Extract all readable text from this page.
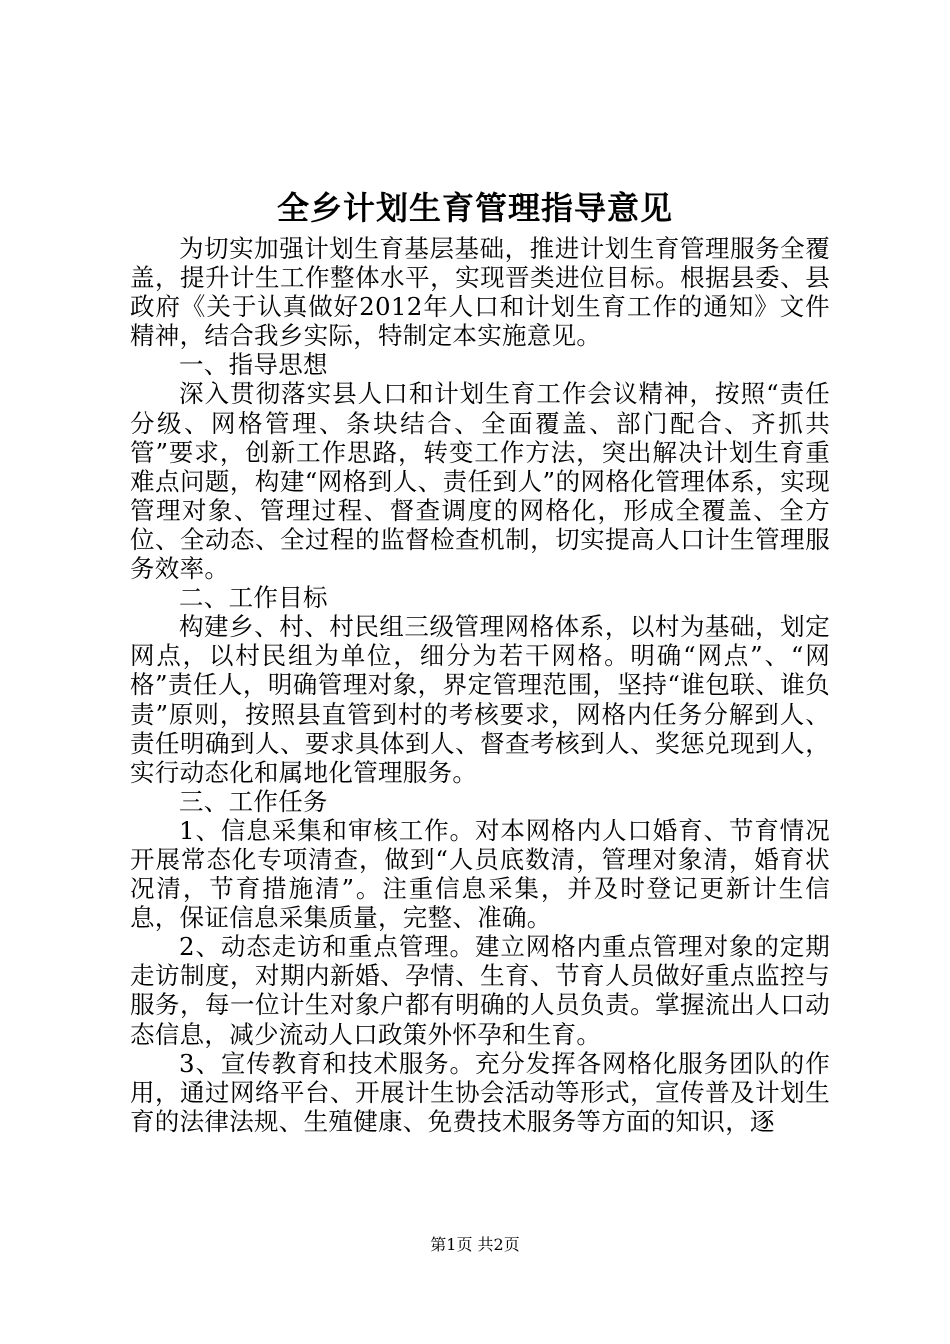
全乡计划生育管理指导意见

为切实加强计划生育基层基础，推进计划生育管理服务全覆盖，提升计生工作整体水平，实现晋类进位目标。根据县委、县政府《关于认真做好2012年人口和计划生育工作的通知》文件精神，结合我乡实际，特制定本实施意见。

一、指导思想

深入贯彻落实县人口和计划生育工作会议精神，按照“责任分级、网格管理、条块结合、全面覆盖、部门配合、齐抓共管”要求，创新工作思路，转变工作方法，突出解决计划生育重难点问题，构建“网格到人、责任到人”的网格化管理体系，实现管理对象、管理过程、督查调度的网格化，形成全覆盖、全方位、全动态、全过程的监督检查机制，切实提高人口计生管理服务效率。

二、工作目标

构建乡、村、村民组三级管理网格体系，以村为基础，划定网点，以村民组为单位，细分为若干网格。明确“网点”、“网格”责任人，明确管理对象，界定管理范围，坚持“谁包联、谁负责”原则，按照县直管到村的考核要求，网格内任务分解到人、责任明确到人、要求具体到人、督查考核到人、奖惩兑现到人，实行动态化和属地化管理服务。

三、工作任务

1、信息采集和审核工作。对本网格内人口婚育、节育情况开展常态化专项清查，做到“人员底数清，管理对象清，婚育状况清，节育措施清”。注重信息采集，并及时登记更新计生信息，保证信息采集质量，完整、准确。

2、动态走访和重点管理。建立网格内重点管理对象的定期走访制度，对期内新婚、孕情、生育、节育人员做好重点监控与服务，每一位计生对象户都有明确的人员负责。掌握流出人口动态信息，减少流动人口政策外怀孕和生育。

3、宣传教育和技术服务。充分发挥各网格化服务团队的作用，通过网络平台、开展计生协会活动等形式，宣传普及计划生育的法律法规、生殖健康、免费技术服务等方面的知识，逐

第1页 共2页
